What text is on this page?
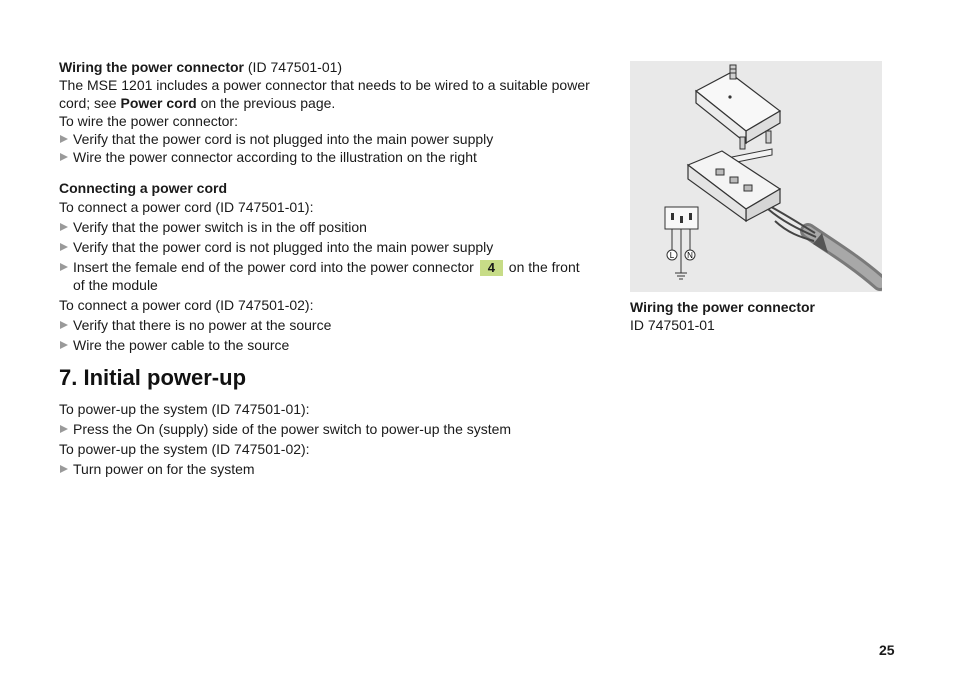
Wiring the power connector (ID 747501-01)

The MSE 1201 includes a power connector that needs to be wired to a suitable power cord; see Power cord on the previous page.

To wire the power connector:

Verify that the power cord is not plugged into the main power supply

Wire the power connector according to the illustration on the right

Connecting a power cord

To connect a power cord (ID 747501-01):

Verify that the power switch is in the off position

Verify that the power cord is not plugged into the main power supply

Insert the female end of the power cord into the power connector 4 on the front of the module

To connect a power cord (ID 747501-02):

Verify that there is no power at the source

Wire the power cable to the source

7. Initial power-up

To power-up the system (ID 747501-01):

Press the On (supply) side of the power switch to power-up the system

To power-up the system (ID 747501-02):

Turn power on for the system

L N
Wiring the power connector
ID 747501-01
25
